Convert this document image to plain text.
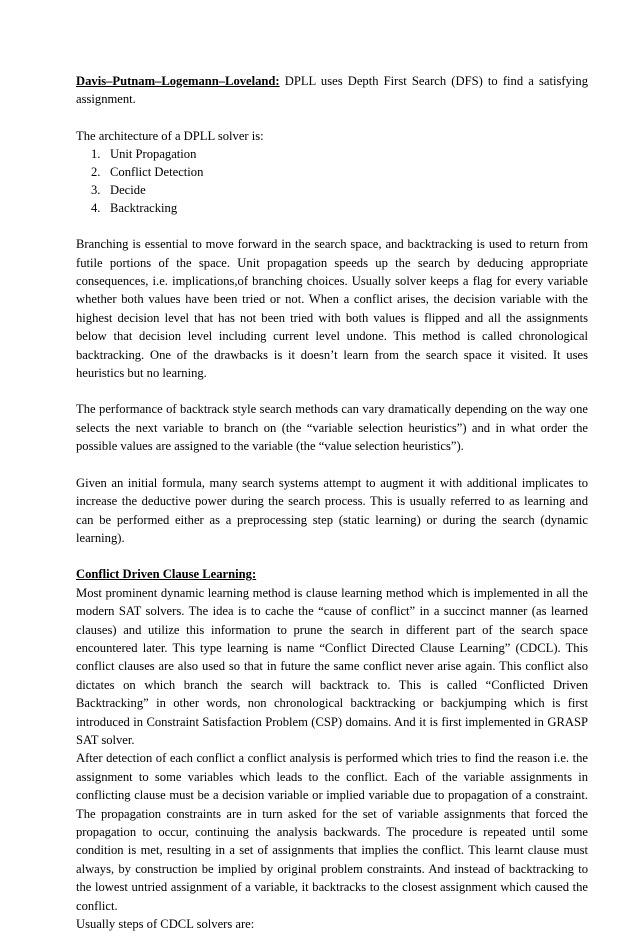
Davis–Putnam–Logemann–Loveland: DPLL uses Depth First Search (DFS) to find a satisfying assignment.

The architecture of a DPLL solver is:

1. Unit Propagation
2. Conflict Detection
3. Decide
4. Backtracking

Branching is essential to move forward in the search space, and backtracking is used to return from futile portions of the space. Unit propagation speeds up the search by deducing appropriate consequences, i.e. implications,of branching choices. Usually solver keeps a flag for every variable whether both values have been tried or not. When a conflict arises, the decision variable with the highest decision level that has not been tried with both values is flipped and all the assignments below that decision level including current level undone. This method is called chronological backtracking. One of the drawbacks is it doesn’t learn from the search space it visited. It uses heuristics but no learning.

The performance of backtrack style search methods can vary dramatically depending on the way one selects the next variable to branch on (the “variable selection heuristics”) and in what order the possible values are assigned to the variable (the “value selection heuristics”).

Given an initial formula, many search systems attempt to augment it with additional implicates to increase the deductive power during the search process. This is usually referred to as learning and can be performed either as a preprocessing step (static learning) or during the search (dynamic learning).

Conflict Driven Clause Learning:

Most prominent dynamic learning method is clause learning method which is implemented in all the modern SAT solvers. The idea is to cache the “cause of conflict” in a succinct manner (as learned clauses) and utilize this information to prune the search in different part of the search space encountered later. This type learning is name “Conflict Directed Clause Learning” (CDCL). This conflict clauses are also used so that in future the same conflict never arise again. This conflict also dictates on which branch the search will backtrack to. This is called “Conflicted Driven Backtracking” in other words, non chronological backtracking or backjumping which is first introduced in Constraint Satisfaction Problem (CSP) domains. And it is first implemented in GRASP SAT solver.

After detection of each conflict a conflict analysis is performed which tries to find the reason i.e. the assignment to some variables which leads to the conflict. Each of the variable assignments in conflicting clause must be a decision variable or implied variable due to propagation of a constraint. The propagation constraints are in turn asked for the set of variable assignments that forced the propagation to occur, continuing the analysis backwards. The procedure is repeated until some condition is met, resulting in a set of assignments that implies the conflict. This learnt clause must always, by construction be implied by original problem constraints. And instead of backtracking to the lowest untried assignment of a variable, it backtracks to the closest assignment which caused the conflict.

Usually steps of CDCL solvers are:
